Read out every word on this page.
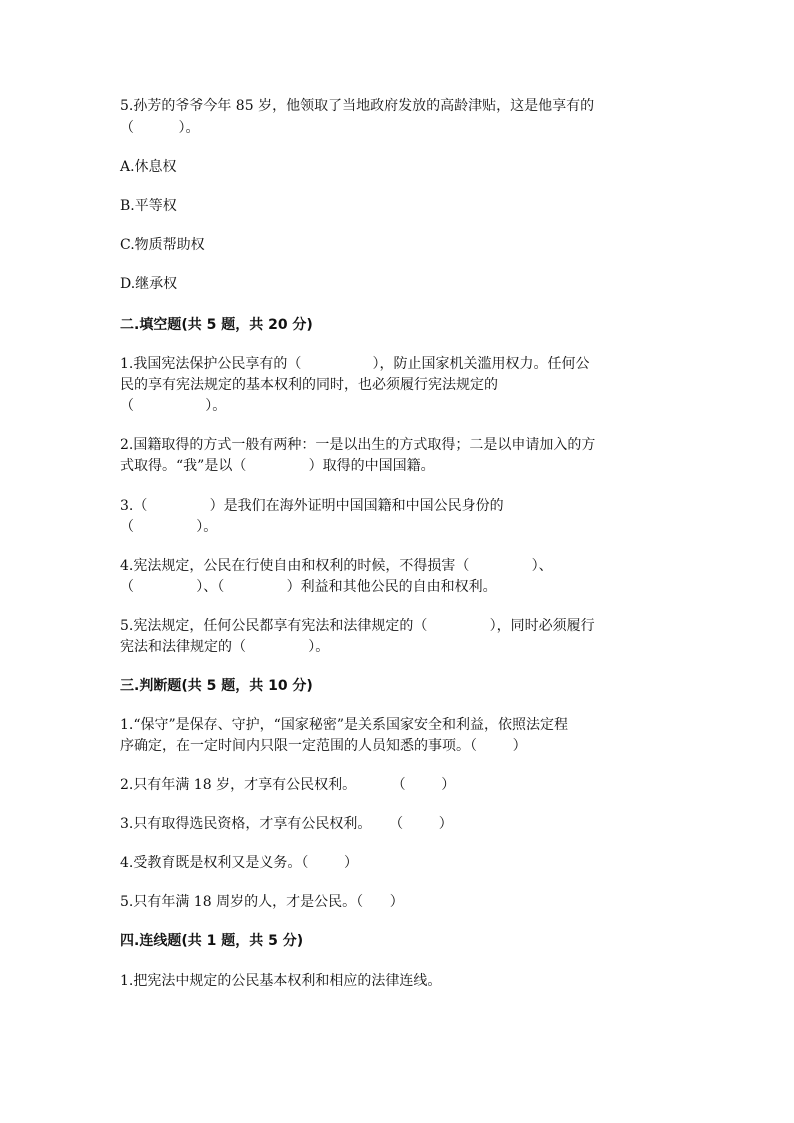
5.孙芳的爷爷今年 85 岁，他领取了当地政府发放的高龄津贴，这是他享有的
（          ）。
A.休息权
B.平等权
C.物质帮助权
D.继承权
二.填空题(共 5 题，共 20 分)
1.我国宪法保护公民享有的（                ），防止国家机关滥用权力。任何公
民的享有宪法规定的基本权利的同时，也必须履行宪法规定的
（                ）。
2.国籍取得的方式一般有两种：一是以出生的方式取得；二是以申请加入的方
式取得。“我”是以（              ）取得的中国国籍。
3.（              ）是我们在海外证明中国国籍和中国公民身份的
（              ）。
4.宪法规定，公民在行使自由和权利的时候，不得损害（              ）、
（              ）、（              ）利益和其他公民的自由和权利。
5.宪法规定，任何公民都享有宪法和法律规定的（              ），同时必须履行
宪法和法律规定的（              ）。
三.判断题(共 5 题，共 10 分)
1.“保守”是保存、守护，“国家秘密”是关系国家安全和利益，依照法定程
序确定，在一定时间内只限一定范围的人员知悉的事项。（        ）
2.只有年满 18 岁，才享有公民权利。        （        ）
3.只有取得选民资格，才享有公民权利。    （        ）
4.受教育既是权利又是义务。（        ）
5.只有年满 18 周岁的人，才是公民。（      ）
四.连线题(共 1 题，共 5 分)
1.把宪法中规定的公民基本权利和相应的法律连线。
